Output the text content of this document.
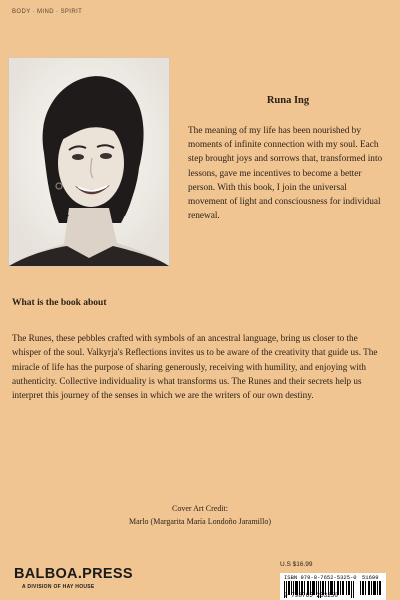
BODY · MIND · SPIRIT
Runa Ing
The meaning of my life has been nourished by moments of infinite connection with my soul. Each step brought joys and sorrows that, transformed into lessons, gave me incentives to become a better person. With this book, I join the universal movement of light and consciousness for individual renewal.
What is the book about
The Runes, these pebbles crafted with symbols of an ancestral language, bring us closer to the whisper of the soul. Valkyrja's Reflections invites us to be aware of the creativity that guide us. The miracle of life has the purpose of sharing generously, receiving with humility, and enjoying with authenticity. Collective individuality is what transforms us. The Runes and their secrets help us interpret this journey of the senses in which we are the writers of our own destiny.
Cover Art Credit:
Marlo (Margarita María Londoño Jaramillo)
BALBOA.PRESS
A DIVISION OF HAY HOUSE
U.S $16.99
ISBN 979-8-7652-5325-0 51699
9 798765 253250
